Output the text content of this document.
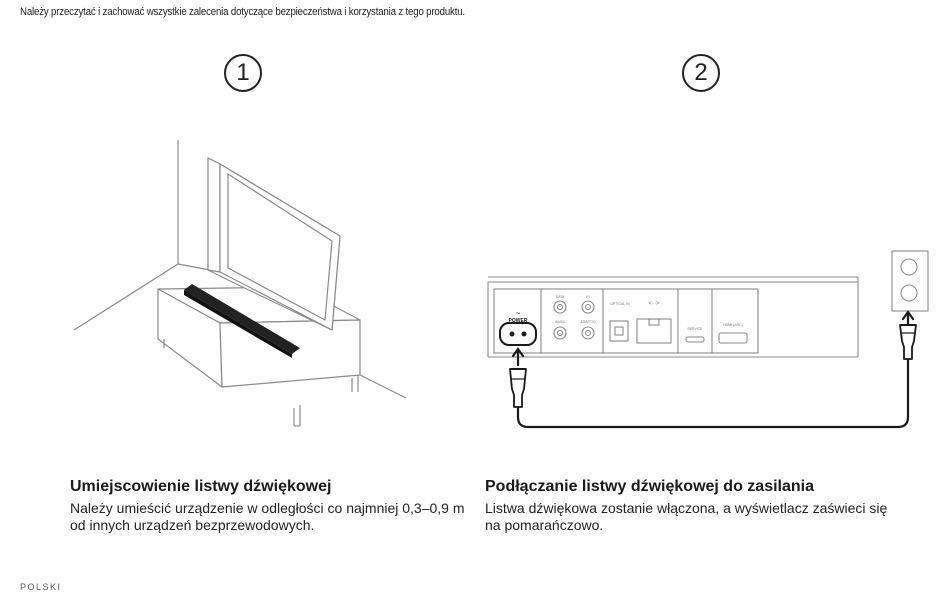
Należy przeczytać i zachować wszystkie zalecenia dotyczące bezpieczeństwa i korzystania z tego produktu.
1	2
POWER
~
DATA	IR
BASS	ADAPTIQ
OPTICAL IN	<··>
SERVICE
HDMI (ARC)
Umiejscowienie listwy dźwiękowej

Należy umieścić urządzenie w odległości co najmniej 0,3–0,9 m od innych urządzeń bezprzewodowych.

Podłączanie listwy dźwiękowej do zasilania

Listwa dźwiękowa zostanie włączona, a wyświetlacz zaświeci się na pomarańczowo.

POLSKI
